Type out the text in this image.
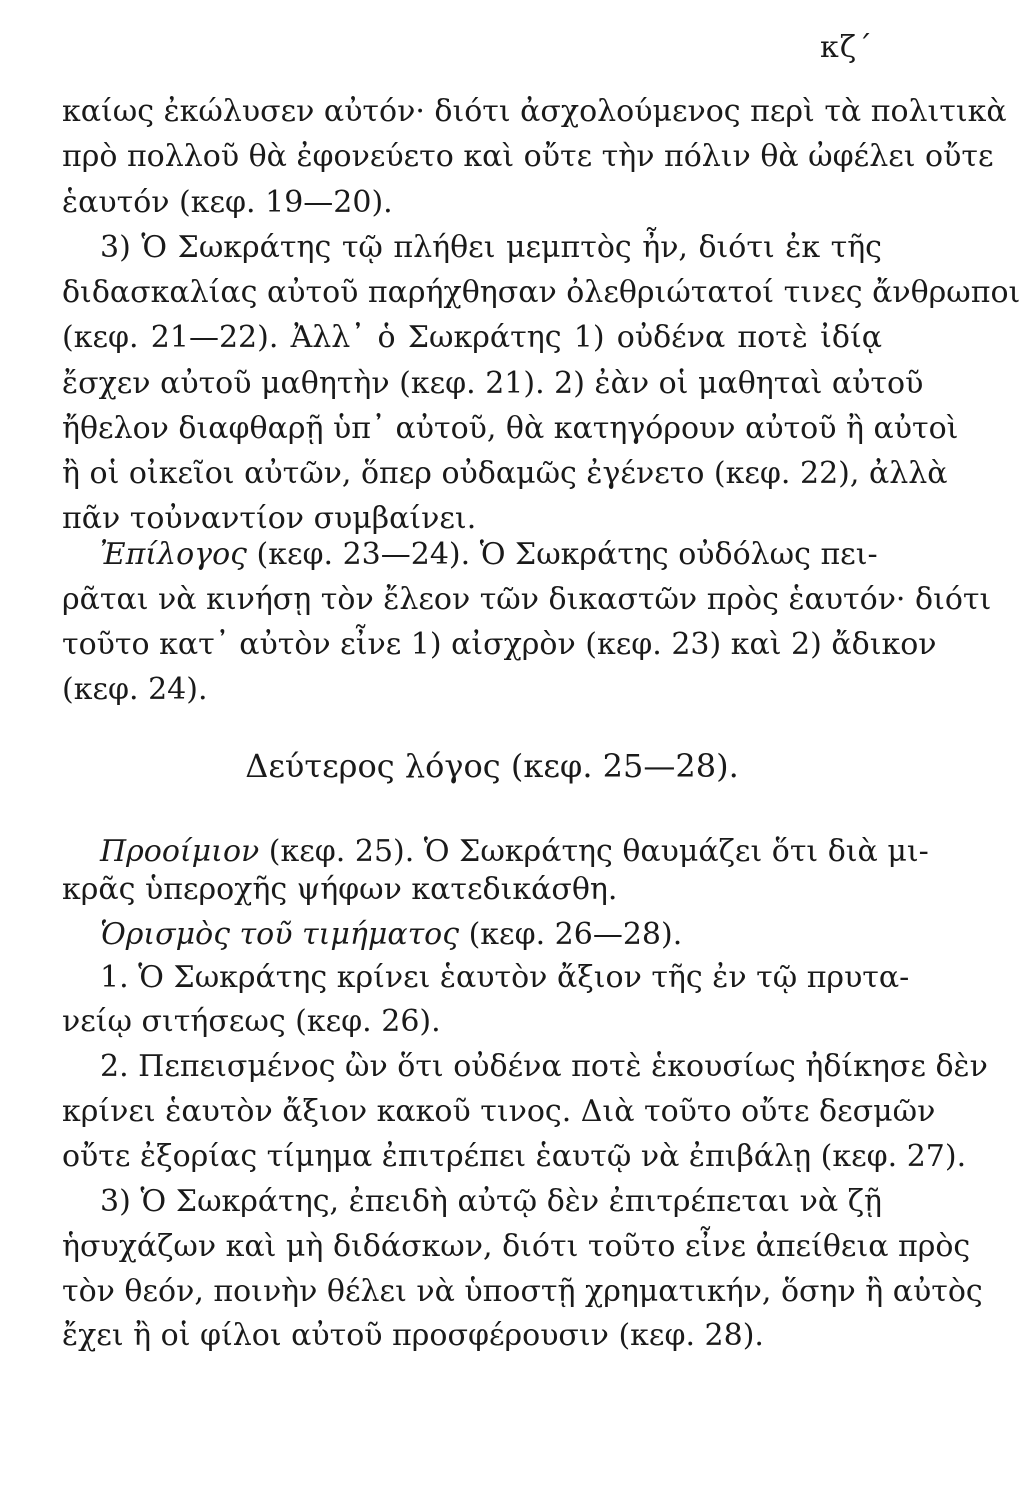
κζ΄
καίως ἐκώλυσεν αὐτόν· διότι ἀσχολούμενος περὶ τὰ πολιτικὰ
πρὸ πολλοῦ θὰ ἐφονεύετο καὶ οὔτε τὴν πόλιν θὰ ὠφέλει οὔτε
ἑαυτόν (κεφ. 19—20).
3) Ὁ Σωκράτης τῷ πλήθει μεμπτὸς ἦν, διότι ἐκ τῆς
διδασκαλίας αὐτοῦ παρήχθησαν ὀλεθριώτατοί τινες ἄνθρωποι
(κεφ. 21—22). Ἀλλ᾽ ὁ Σωκράτης 1) οὐδένα ποτὲ ἰδίᾳ
ἔσχεν αὐτοῦ μαθητὴν (κεφ. 21). 2) ἐὰν οἱ μαθηταὶ αὐτοῦ
ἤθελον διαφθαρῇ ὑπ᾽ αὐτοῦ, θὰ κατηγόρουν αὐτοῦ ἢ αὐτοὶ
ἢ οἱ οἰκεῖοι αὐτῶν, ὅπερ οὐδαμῶς ἐγένετο (κεφ. 22), ἀλλὰ
πᾶν τοὐναντίον συμβαίνει.
Ἐπίλογος (κεφ. 23—24). Ὁ Σωκράτης οὐδόλως πει-
ρᾶται νὰ κινήσῃ τὸν ἔλεον τῶν δικαστῶν πρὸς ἑαυτόν· διότι
τοῦτο κατ᾽ αὐτὸν εἶνε 1) αἰσχρὸν (κεφ. 23) καὶ 2) ἄδικον
(κεφ. 24).
Δεύτερος λόγος (κεφ. 25—28).
Προοίμιον (κεφ. 25). Ὁ Σωκράτης θαυμάζει ὅτι διὰ μι-
κρᾶς ὑπεροχῆς ψήφων κατεδικάσθη.
Ὁρισμὸς τοῦ τιμήματος (κεφ. 26—28).
1. Ὁ Σωκράτης κρίνει ἑαυτὸν ἄξιον τῆς ἐν τῷ πρυτα-
νείῳ σιτήσεως (κεφ. 26).
2. Πεπεισμένος ὢν ὅτι οὐδένα ποτὲ ἑκουσίως ἠδίκησε δὲν
κρίνει ἑαυτὸν ἄξιον κακοῦ τινος. Διὰ τοῦτο οὔτε δεσμῶν
οὔτε ἐξορίας τίμημα ἐπιτρέπει ἑαυτῷ νὰ ἐπιβάλῃ (κεφ. 27).
3) Ὁ Σωκράτης, ἐπειδὴ αὐτῷ δὲν ἐπιτρέπεται νὰ ζῇ
ἡσυχάζων καὶ μὴ διδάσκων, διότι τοῦτο εἶνε ἀπείθεια πρὸς
τὸν θεόν, ποινὴν θέλει νὰ ὑποστῇ χρηματικήν, ὅσην ἢ αὐτὸς
ἔχει ἢ οἱ φίλοι αὐτοῦ προσφέρουσιν (κεφ. 28).
